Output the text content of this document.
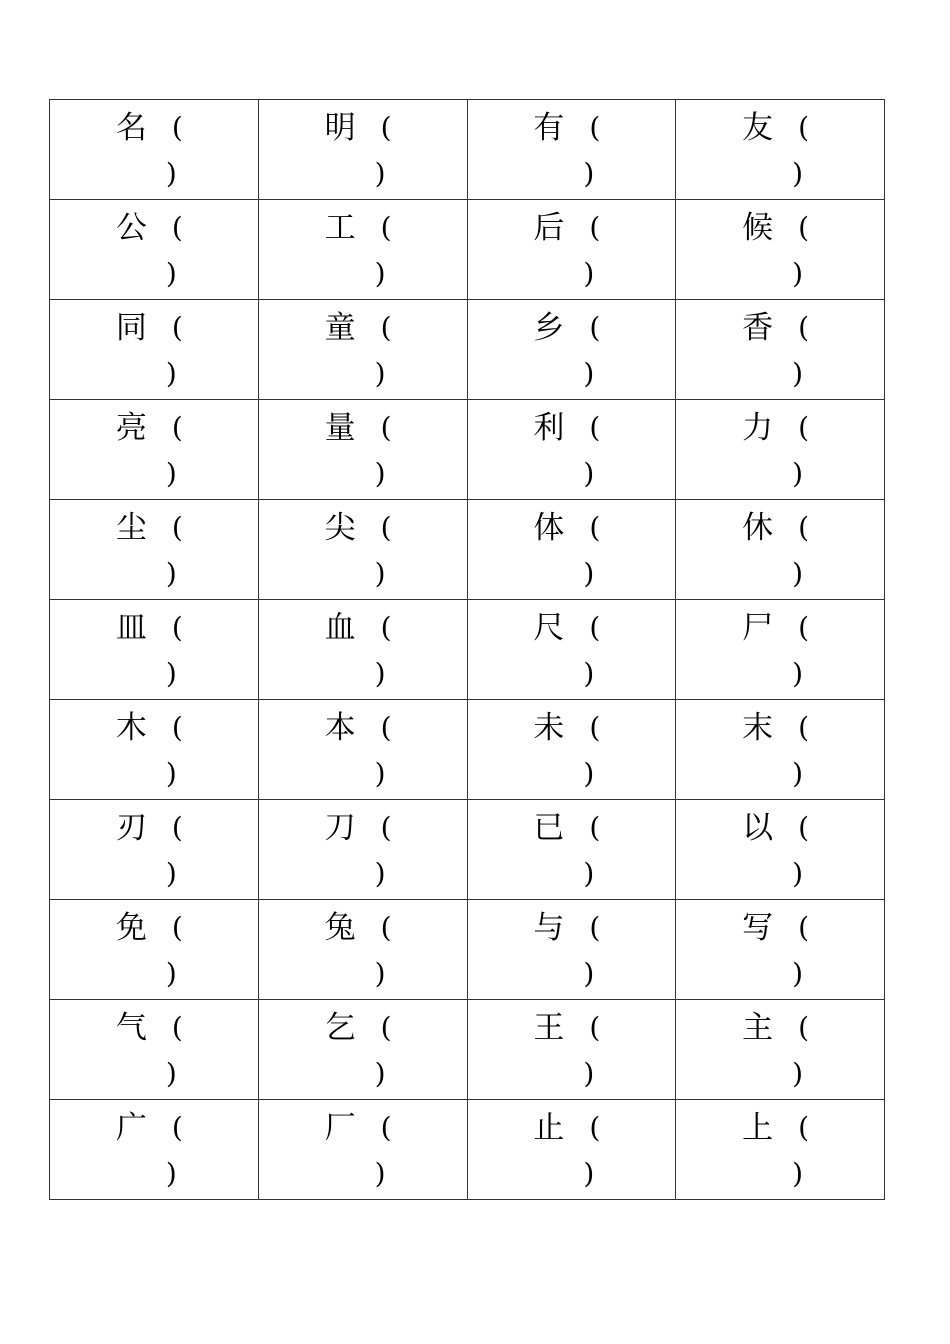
名 (
)	明 (
)	有 (
)	友 (
)

公 (
)	工 (
)	后 (
)	候 (
)

同 (
)	童 (
)	乡 (
)	香 (
)

亮 (
)	量 (
)	利 (
)	力 (
)

尘 (
)	尖 (
)	体 (
)	休 (
)

皿 (
)	血 (
)	尺 (
)	尸 (
)

木 (
)	本 (
)	未 (
)	末 (
)

刃 (
)	刀 (
)	已 (
)	以 (
)

免 (
)	兔 (
)	与 (
)	写 (
)

气 (
)	乞 (
)	王 (
)	主 (
)

广 (
)	厂 (
)	止 (
)	上 (
)
